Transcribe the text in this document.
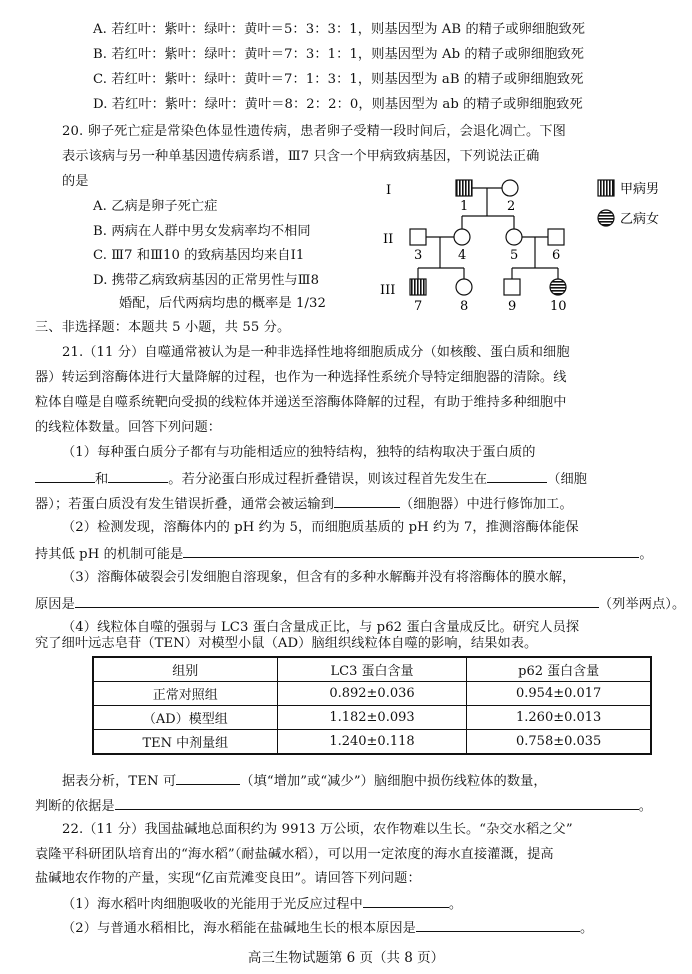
A. 若红叶：紫叶：绿叶：黄叶＝5：3：3：1，则基因型为 AB 的精子或卵细胞致死
B. 若红叶：紫叶：绿叶：黄叶＝7：3：1：1，则基因型为 Ab 的精子或卵细胞致死
C. 若红叶：紫叶：绿叶：黄叶＝7：1：3：1，则基因型为 aB 的精子或卵细胞致死
D. 若红叶：紫叶：绿叶：黄叶＝8：2：2：0，则基因型为 ab 的精子或卵细胞致死
20. 卵子死亡症是常染色体显性遗传病，患者卵子受精一段时间后，会退化凋亡。下图
表示该病与另一种单基因遗传病系谱，Ⅲ7 只含一个甲病致病基因，下列说法正确
的是
A. 乙病是卵子死亡症
B. 两病在人群中男女发病率均不相同
C. Ⅲ7 和Ⅲ10 的致病基因均来自Ⅰ1
D. 携带乙病致病基因的正常男性与Ⅲ8
婚配，后代两病均患的概率是 1/32
I
II
III
1	2
3	4	5	6
7	8	9	10
甲病男
乙病女
三、非选择题：本题共 5 小题，共 55 分。
21.（11 分）自噬通常被认为是一种非选择性地将细胞质成分（如核酸、蛋白质和细胞
器）转运到溶酶体进行大量降解的过程，也作为一种选择性系统介导特定细胞器的清除。线
粒体自噬是自噬系统靶向受损的线粒体并递送至溶酶体降解的过程，有助于维持多种细胞中
的线粒体数量。回答下列问题：
（1）每种蛋白质分子都有与功能相适应的独特结构，独特的结构取决于蛋白质的
和	。若分泌蛋白形成过程折叠错误，则该过程首先发生在	（细胞
器）；若蛋白质没有发生错误折叠，通常会被运输到	（细胞器）中进行修饰加工。
（2）检测发现，溶酶体内的 pH 约为 5，而细胞质基质的 pH 约为 7，推测溶酶体能保
持其低 pH 的机制可能是	。
（3）溶酶体破裂会引发细胞自溶现象，但含有的多种水解酶并没有将溶酶体的膜水解，
原因是	（列举两点）。
（4）线粒体自噬的强弱与 LC3 蛋白含量成正比，与 p62 蛋白含量成反比。研究人员探
究了细叶远志皂苷（TEN）对模型小鼠（AD）脑组织线粒体自噬的影响，结果如表。
组别	LC3 蛋白含量	p62 蛋白含量
正常对照组	0.892±0.036	0.954±0.017
（AD）模型组	1.182±0.093	1.260±0.013
TEN 中剂量组	1.240±0.118	0.758±0.035
据表分析，TEN 可	（填“增加”或“减少”）脑细胞中损伤线粒体的数量，
判断的依据是	。
22.（11 分）我国盐碱地总面积约为 9913 万公顷，农作物难以生长。“杂交水稻之父”
袁隆平科研团队培育出的“海水稻”（耐盐碱水稻），可以用一定浓度的海水直接灌溉，提高
盐碱地农作物的产量，实现“亿亩荒滩变良田”。请回答下列问题：
（1）海水稻叶肉细胞吸收的光能用于光反应过程中	。
（2）与普通水稻相比，海水稻能在盐碱地生长的根本原因是	。
高三生物试题第 6 页（共 8 页）
